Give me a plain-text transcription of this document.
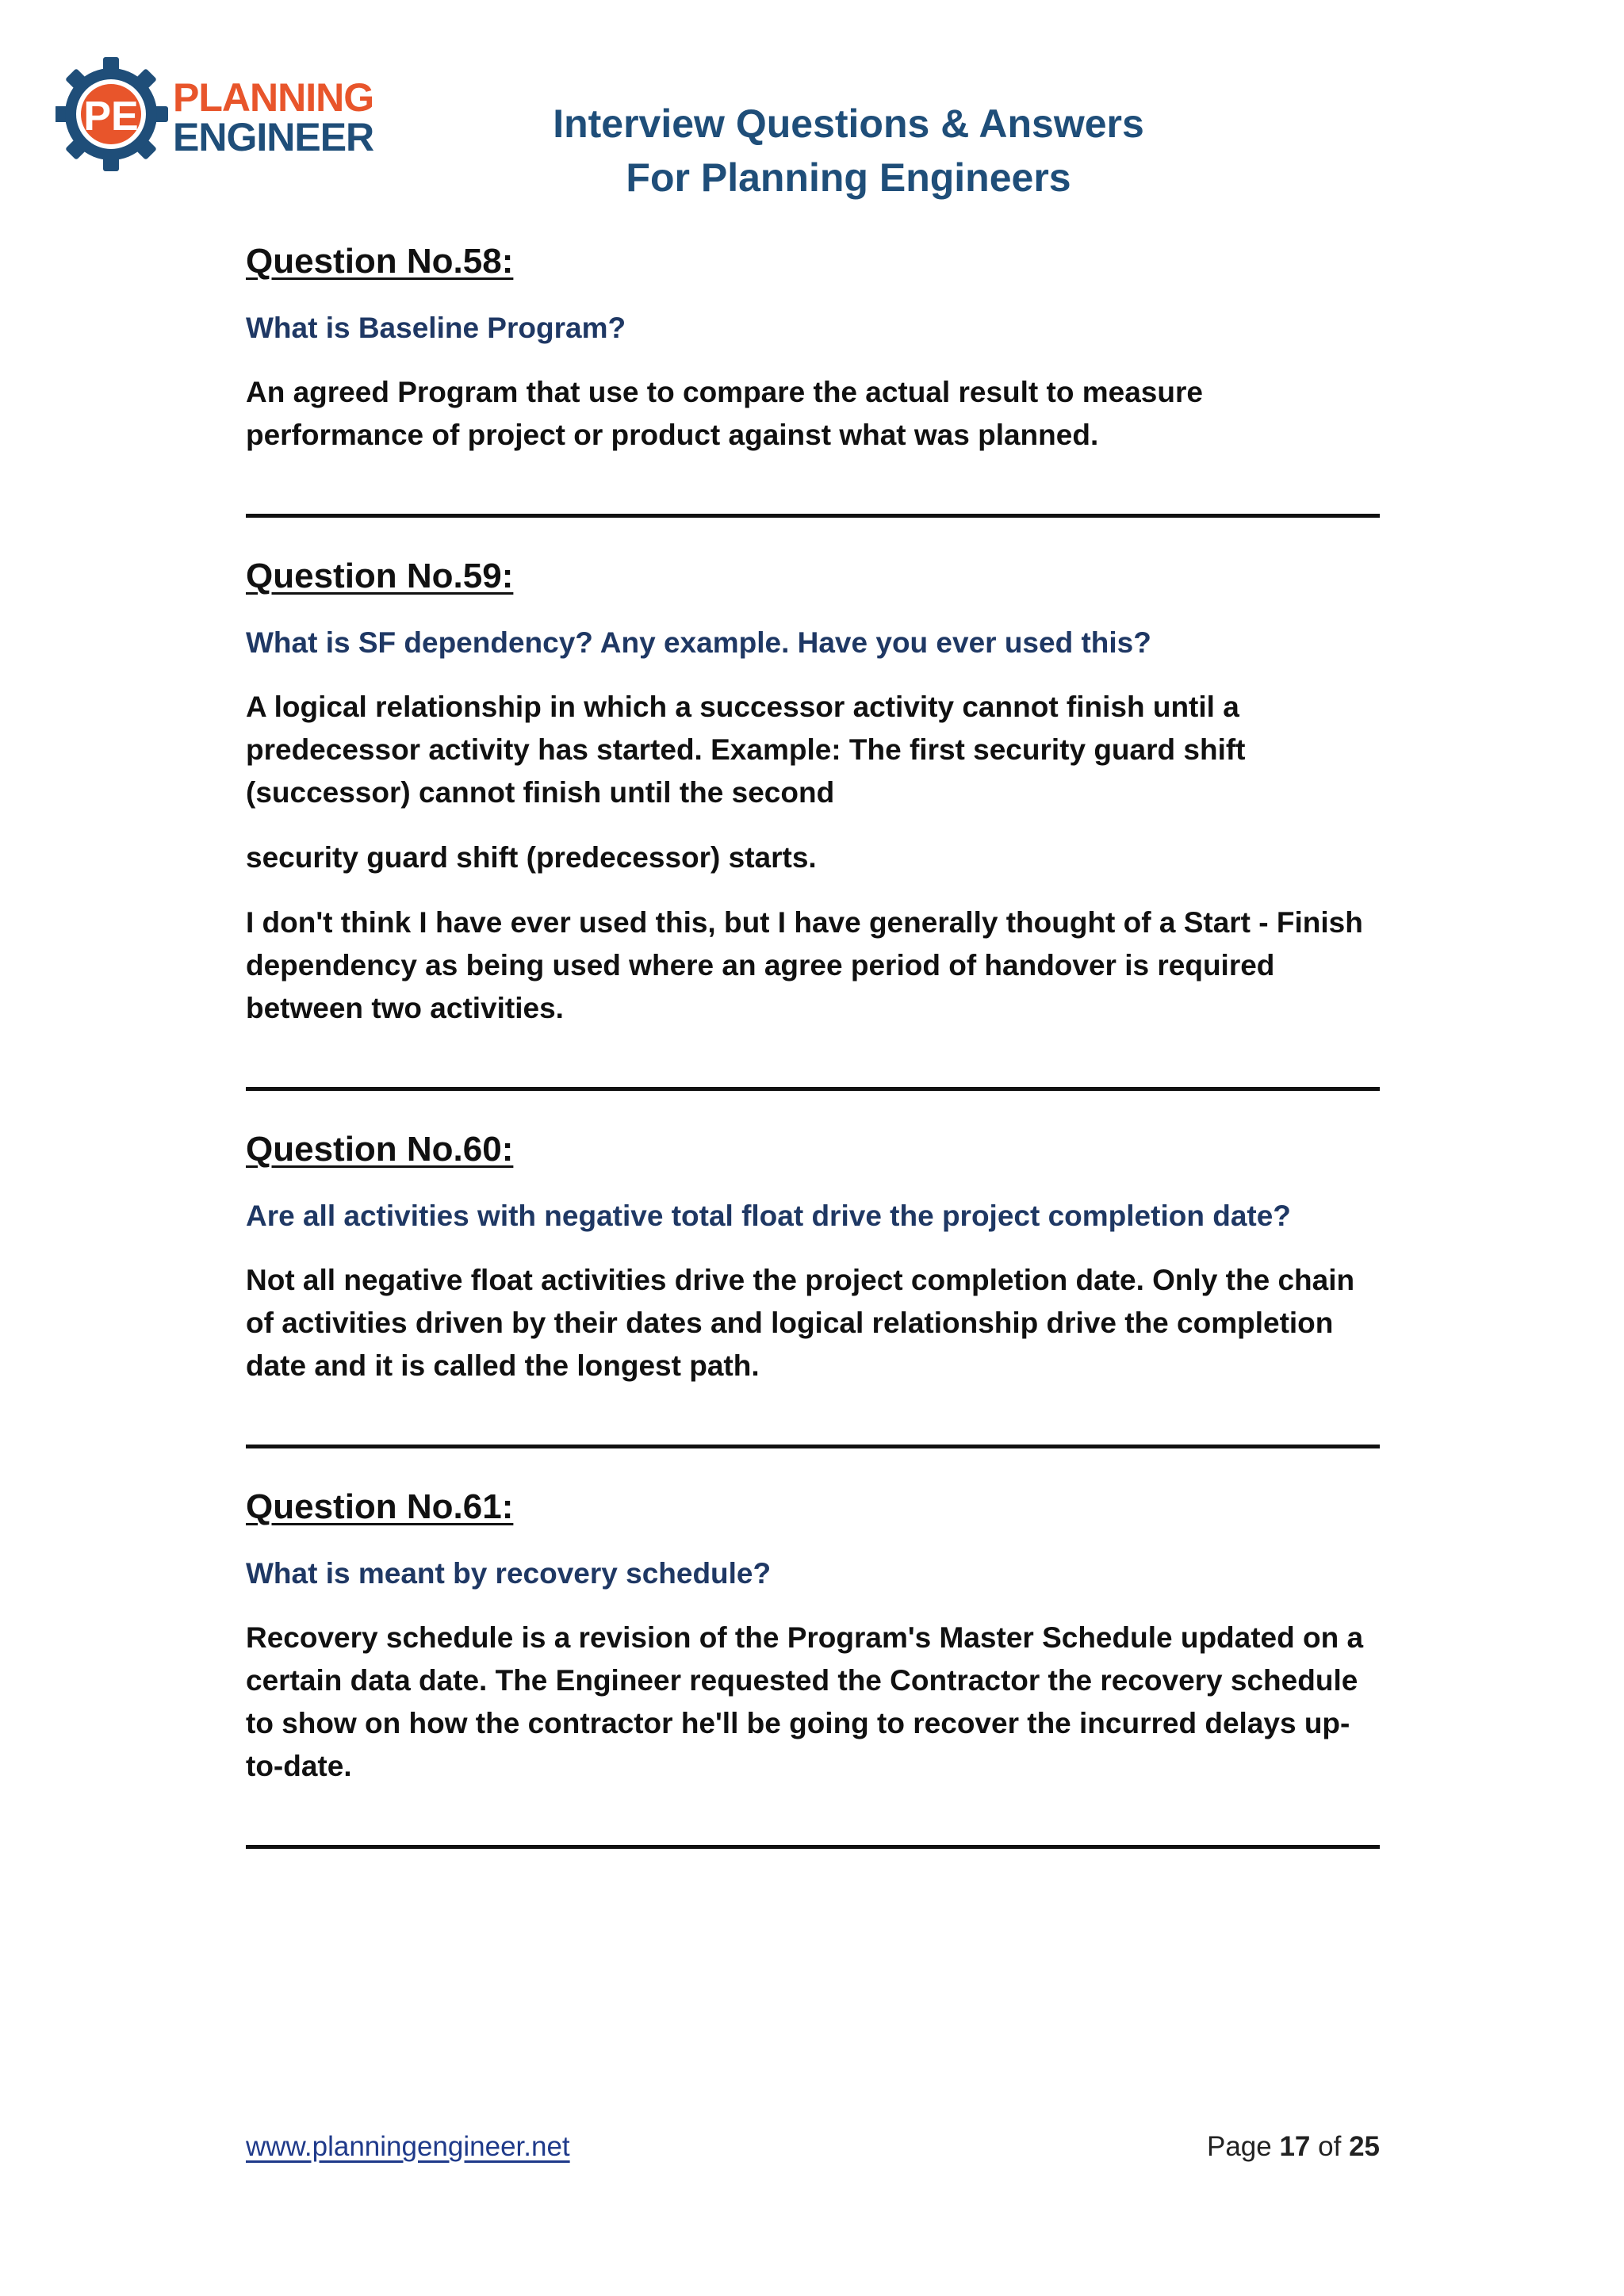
PE PLANNING
ENGINEER	Interview Questions & Answers
For Planning Engineers

Question No.58:

What is Baseline Program?

An agreed Program that use to compare the actual result to measure performance of project or product against what was planned.

Question No.59:

What is SF dependency? Any example. Have you ever used this?

A logical relationship in which a successor activity cannot finish until a predecessor activity has started. Example: The first security guard shift (successor) cannot finish until the second

security guard shift (predecessor) starts.

I don't think I have ever used this, but I have generally thought of a Start - Finish dependency as being used where an agree period of handover is required between two activities.

Question No.60:

Are all activities with negative total float drive the project completion date?

Not all negative float activities drive the project completion date. Only the chain of activities driven by their dates and logical relationship drive the completion date and it is called the longest path.

Question No.61:

What is meant by recovery schedule?

Recovery schedule is a revision of the Program's Master Schedule updated on a certain data date. The Engineer requested the Contractor the recovery schedule to show on how the contractor he'll be going to recover the incurred delays up-to-date.

www.planningengineer.net	Page 17 of 25
